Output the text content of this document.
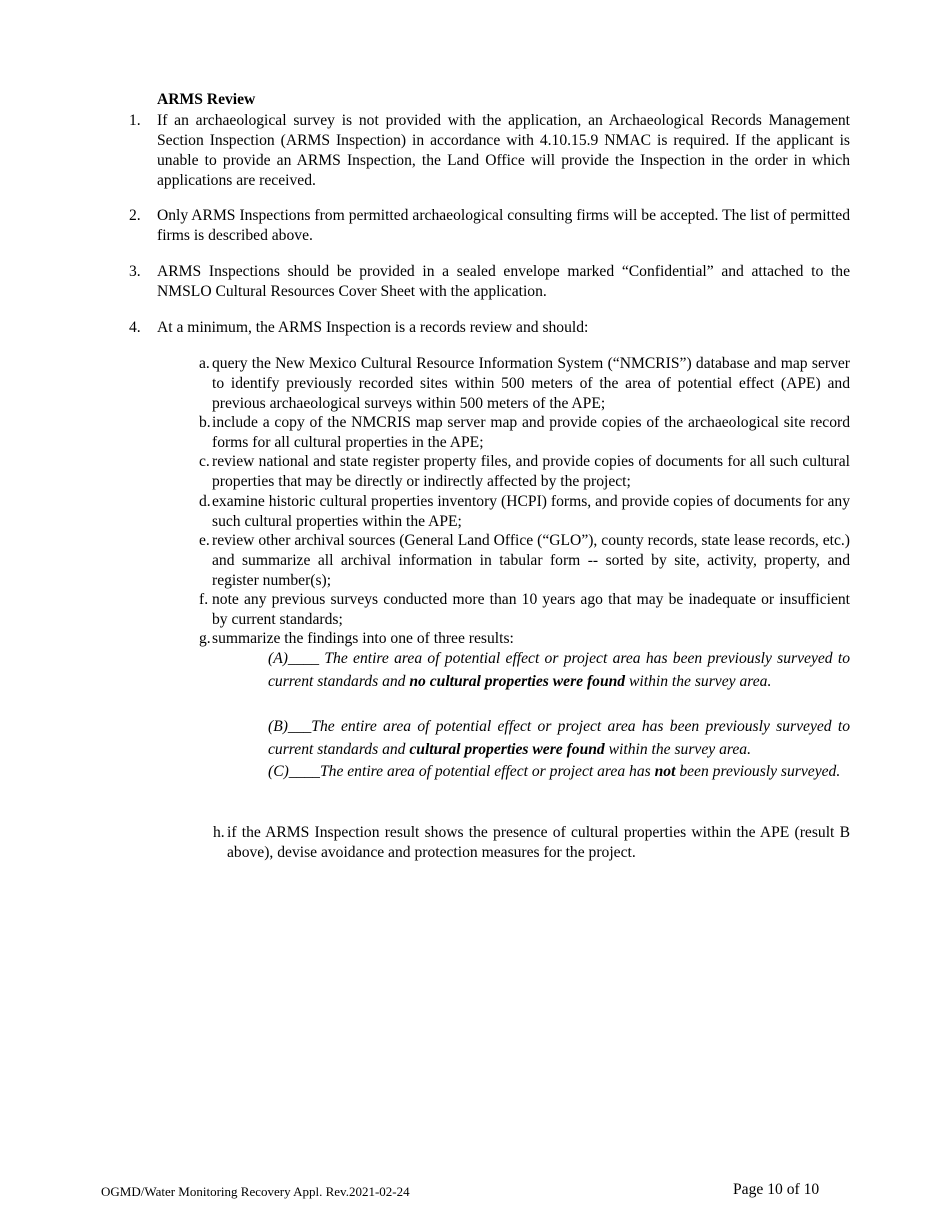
ARMS Review
1. If an archaeological survey is not provided with the application, an Archaeological Records Management Section Inspection (ARMS Inspection) in accordance with 4.10.15.9 NMAC is required. If the applicant is unable to provide an ARMS Inspection, the Land Office will provide the Inspection in the order in which applications are received.
2. Only ARMS Inspections from permitted archaeological consulting firms will be accepted. The list of permitted firms is described above.
3. ARMS Inspections should be provided in a sealed envelope marked “Confidential” and attached to the NMSLO Cultural Resources Cover Sheet with the application.
4. At a minimum, the ARMS Inspection is a records review and should:
a. query the New Mexico Cultural Resource Information System (“NMCRIS”) database and map server to identify previously recorded sites within 500 meters of the area of potential effect (APE) and previous archaeological surveys within 500 meters of the APE;
b. include a copy of the NMCRIS map server map and provide copies of the archaeological site record forms for all cultural properties in the APE;
c. review national and state register property files, and provide copies of documents for all such cultural properties that may be directly or indirectly affected by the project;
d. examine historic cultural properties inventory (HCPI) forms, and provide copies of documents for any such cultural properties within the APE;
e. review other archival sources (General Land Office (“GLO”), county records, state lease records, etc.) and summarize all archival information in tabular form -- sorted by site, activity, property, and register number(s);
f. note any previous surveys conducted more than 10 years ago that may be inadequate or insufficient by current standards;
g. summarize the findings into one of three results:
(A)____ The entire area of potential effect or project area has been previously surveyed to current standards and no cultural properties were found within the survey area.
(B)___The entire area of potential effect or project area has been previously surveyed to current standards and cultural properties were found within the survey area.
(C)____The entire area of potential effect or project area has not been previously surveyed.
h. if the ARMS Inspection result shows the presence of cultural properties within the APE (result B above), devise avoidance and protection measures for the project.
OGMD/Water Monitoring Recovery Appl. Rev.2021-02-24	Page 10 of 10
